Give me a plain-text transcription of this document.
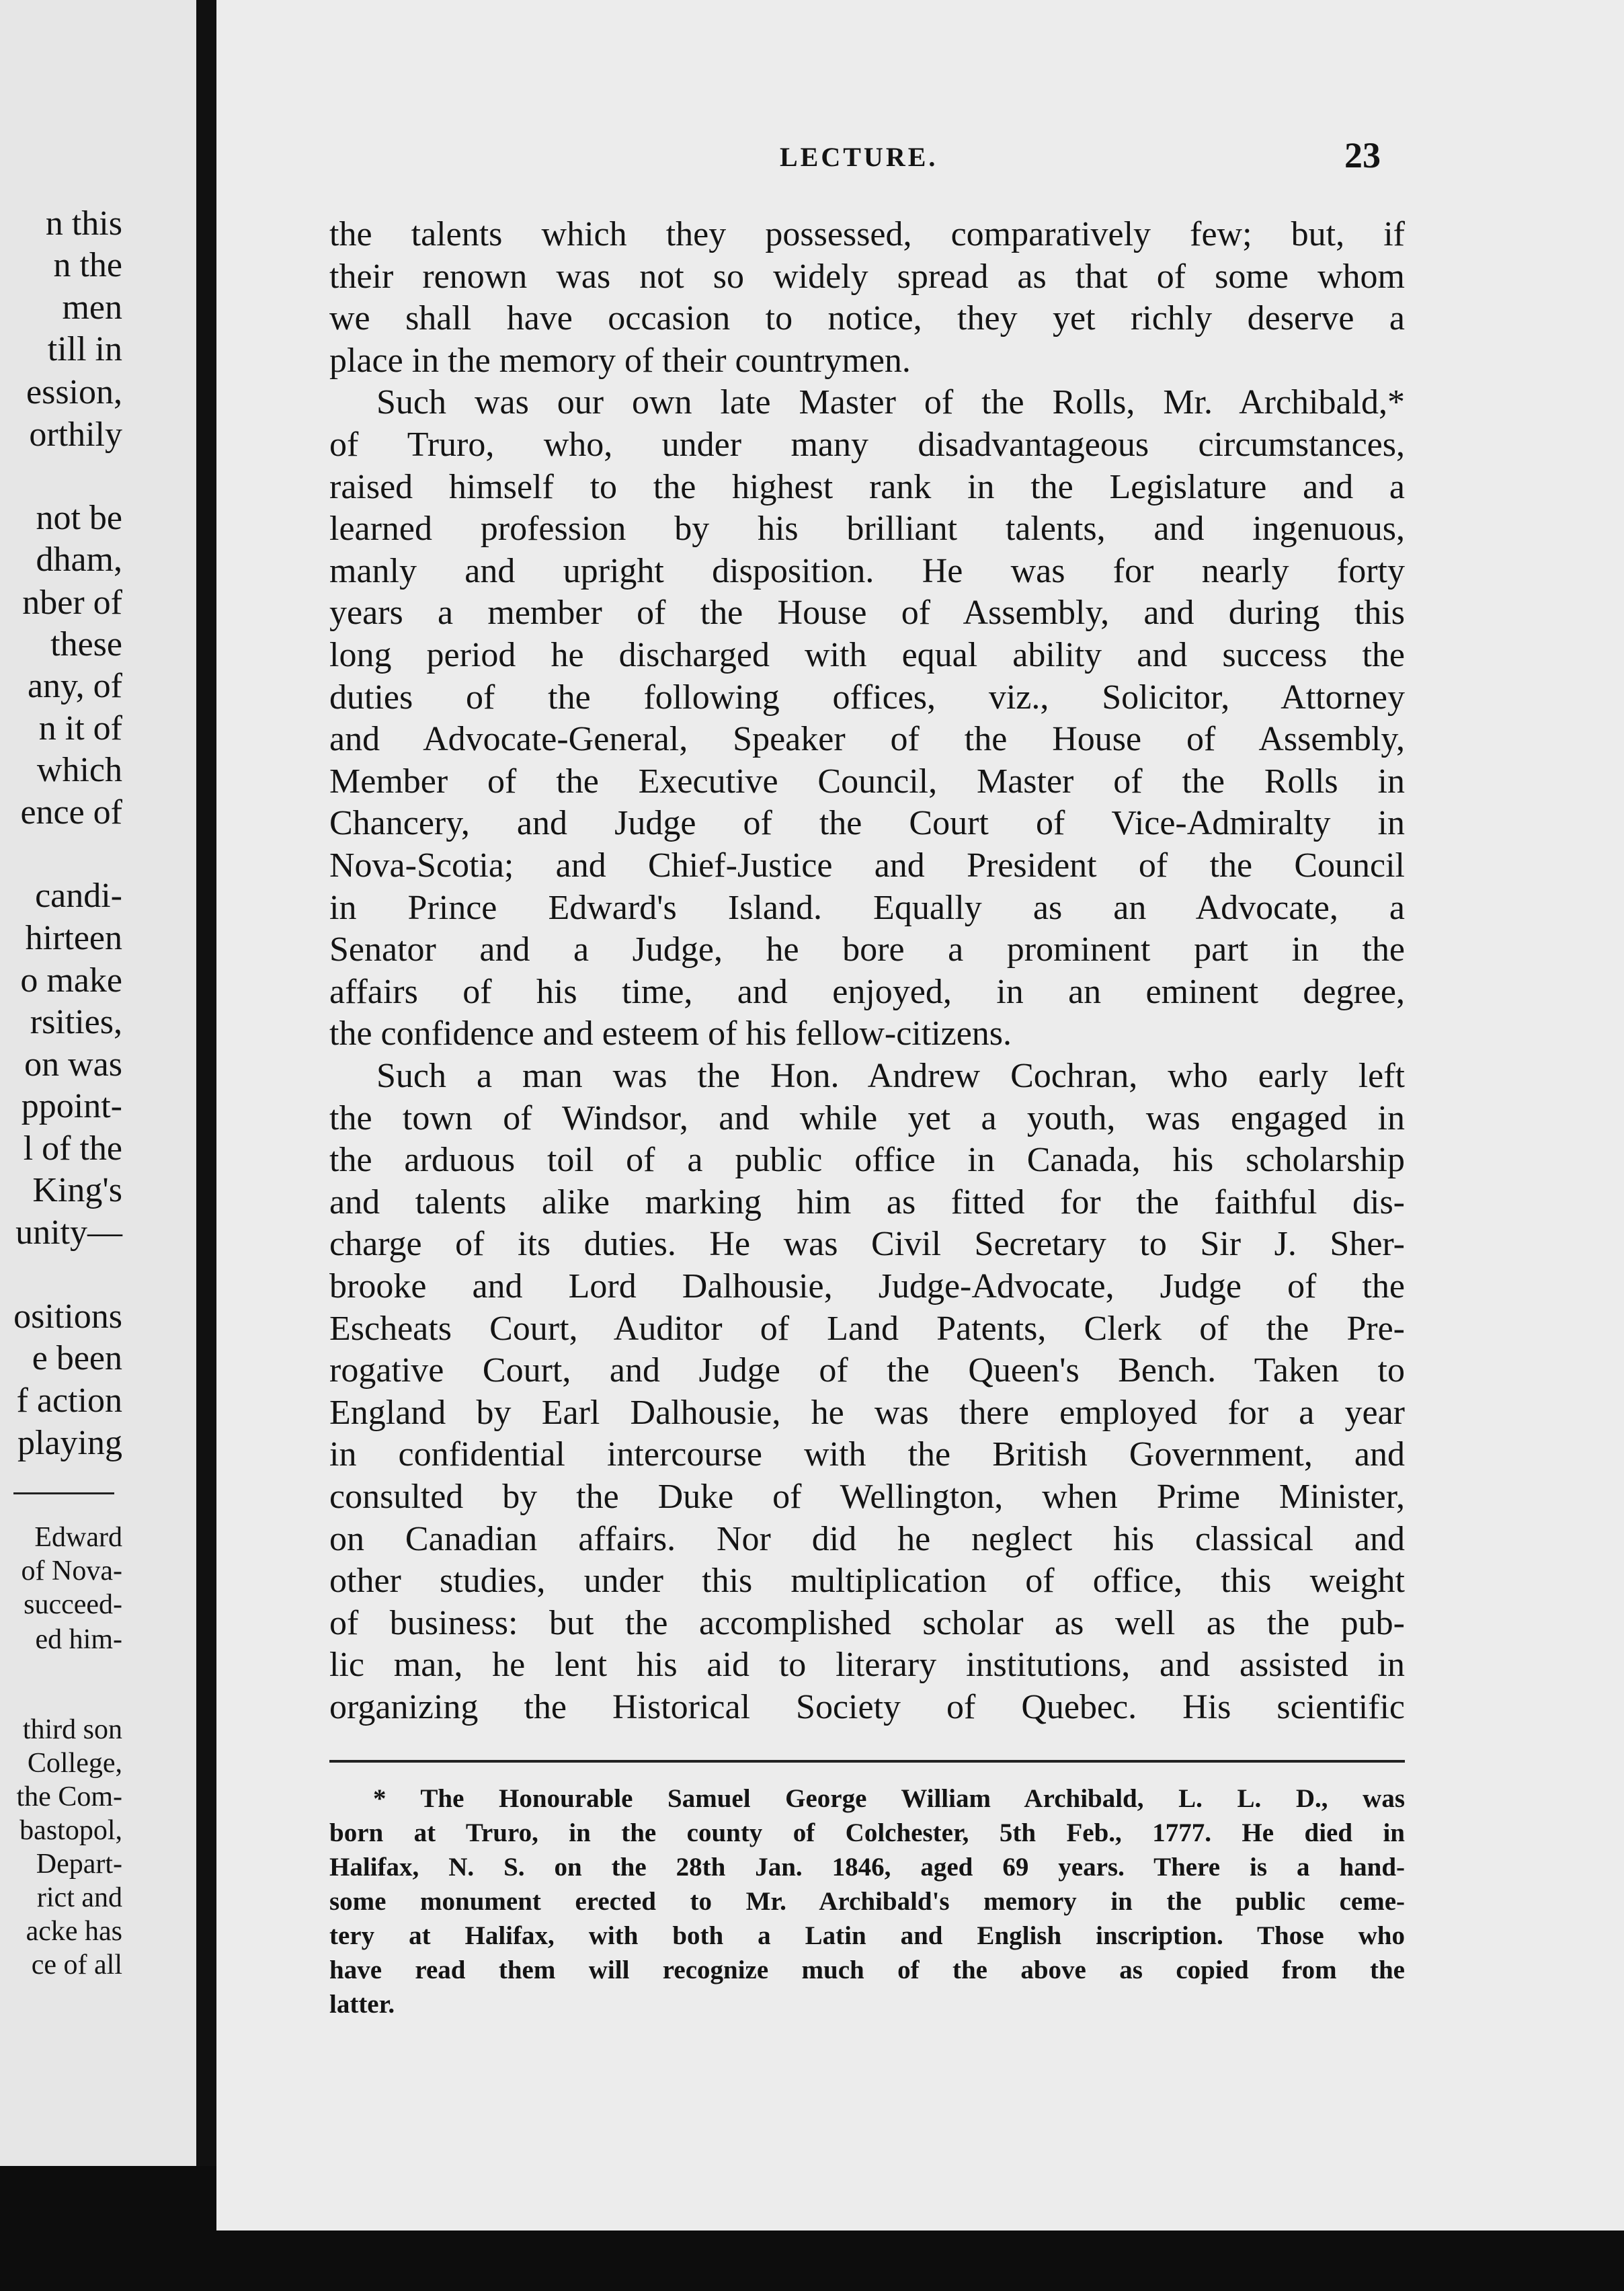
n this
n the
men
till in
ession,
orthily
not be
dham,
nber of
these
any, of
n it of
which
ence of
candi-
hirteen
o make
rsities,
on was
ppoint-
l of the
King's
unity—
ositions
e been
f action
playing
Edward
of Nova-
succeed-
ed him-
third son
College,
the Com-
bastopol,
Depart-
rict and
acke has
ce of all
LECTURE.	23
the talents which they possessed, comparatively few; but, if
their renown was not so widely spread as that of some whom
we shall have occasion to notice, they yet richly deserve a
place in the memory of their countrymen.
Such was our own late Master of the Rolls, Mr. Archibald,*
of Truro, who, under many disadvantageous circumstances,
raised himself to the highest rank in the Legislature and a
learned profession by his brilliant talents, and ingenuous,
manly and upright disposition. He was for nearly forty
years a member of the House of Assembly, and during this
long period he discharged with equal ability and success the
duties of the following offices, viz., Solicitor, Attorney
and Advocate-General, Speaker of the House of Assembly,
Member of the Executive Council, Master of the Rolls in
Chancery, and Judge of the Court of Vice-Admiralty in
Nova-Scotia; and Chief-Justice and President of the Council
in Prince Edward's Island. Equally as an Advocate, a
Senator and a Judge, he bore a prominent part in the
affairs of his time, and enjoyed, in an eminent degree,
the confidence and esteem of his fellow-citizens.
Such a man was the Hon. Andrew Cochran, who early left
the town of Windsor, and while yet a youth, was engaged in
the arduous toil of a public office in Canada, his scholarship
and talents alike marking him as fitted for the faithful dis-
charge of its duties. He was Civil Secretary to Sir J. Sher-
brooke and Lord Dalhousie, Judge-Advocate, Judge of the
Escheats Court, Auditor of Land Patents, Clerk of the Pre-
rogative Court, and Judge of the Queen's Bench. Taken to
England by Earl Dalhousie, he was there employed for a year
in confidential intercourse with the British Government, and
consulted by the Duke of Wellington, when Prime Minister,
on Canadian affairs. Nor did he neglect his classical and
other studies, under this multiplication of office, this weight
of business: but the accomplished scholar as well as the pub-
lic man, he lent his aid to literary institutions, and assisted in
organizing the Historical Society of Quebec. His scientific
* The Honourable Samuel George William Archibald, L. L. D., was
born at Truro, in the county of Colchester, 5th Feb., 1777. He died in
Halifax, N. S. on the 28th Jan. 1846, aged 69 years. There is a hand-
some monument erected to Mr. Archibald's memory in the public ceme-
tery at Halifax, with both a Latin and English inscription. Those who
have read them will recognize much of the above as copied from the
latter.
